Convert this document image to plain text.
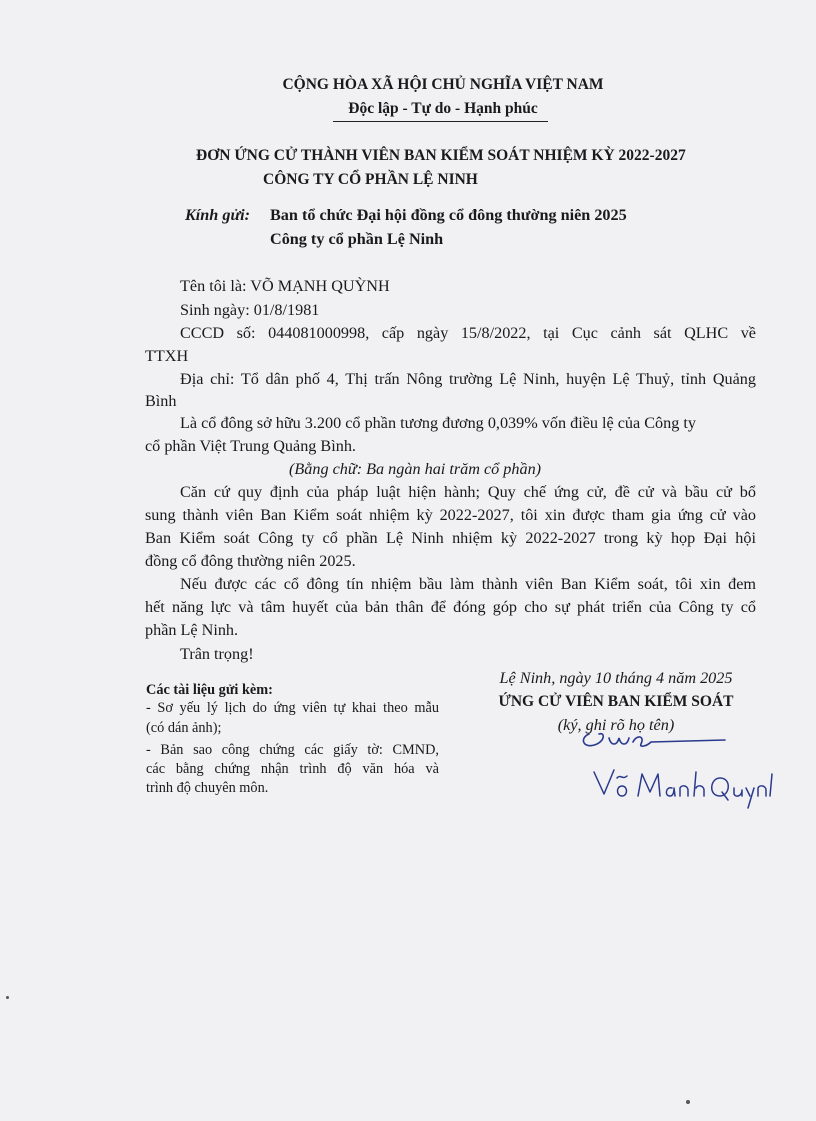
CỘNG HÒA XÃ HỘI CHỦ NGHĨA VIỆT NAM
Độc lập - Tự do - Hạnh phúc
ĐƠN ỨNG CỬ THÀNH VIÊN BAN KIỂM SOÁT NHIỆM KỲ 2022-2027
CÔNG TY CỔ PHẦN LỆ NINH
Kính gửi: Ban tổ chức Đại hội đồng cổ đông thường niên 2025
Công ty cổ phần Lệ Ninh
Tên tôi là: VÕ MẠNH QUỲNH
Sinh ngày: 01/8/1981
CCCD số: 044081000998, cấp ngày 15/8/2022, tại Cục cảnh sát QLHC về
TTXH
Địa chỉ: Tổ dân phố 4, Thị trấn Nông trường Lệ Ninh, huyện Lệ Thuỷ, tỉnh Quảng
Bình
Là cổ đông sở hữu 3.200 cổ phần tương đương 0,039% vốn điều lệ của Công ty
cổ phần Việt Trung Quảng Bình.
(Bằng chữ: Ba ngàn hai trăm cổ phần)
Căn cứ quy định của pháp luật hiện hành; Quy chế ứng cử, đề cử và bầu cử bổ
sung thành viên Ban Kiểm soát nhiệm kỳ 2022-2027, tôi xin được tham gia ứng cử vào
Ban Kiểm soát Công ty cổ phần Lệ Ninh nhiệm kỳ 2022-2027 trong kỳ họp Đại hội
đồng cổ đông thường niên 2025.
Nếu được các cổ đông tín nhiệm bầu làm thành viên Ban Kiểm soát, tôi xin đem
hết năng lực và tâm huyết của bản thân để đóng góp cho sự phát triển của Công ty cổ
phần Lệ Ninh.
Trân trọng!
Lệ Ninh, ngày 10 tháng 4 năm 2025
ỨNG CỬ VIÊN BAN KIỂM SOÁT
(ký, ghi rõ họ tên)
Các tài liệu gửi kèm:
- Sơ yếu lý lịch do ứng viên tự khai theo mẫu
(có dán ảnh);
- Bản sao công chứng các giấy tờ: CMND,
các bằng chứng nhận trình độ văn hóa và
trình độ chuyên môn.
